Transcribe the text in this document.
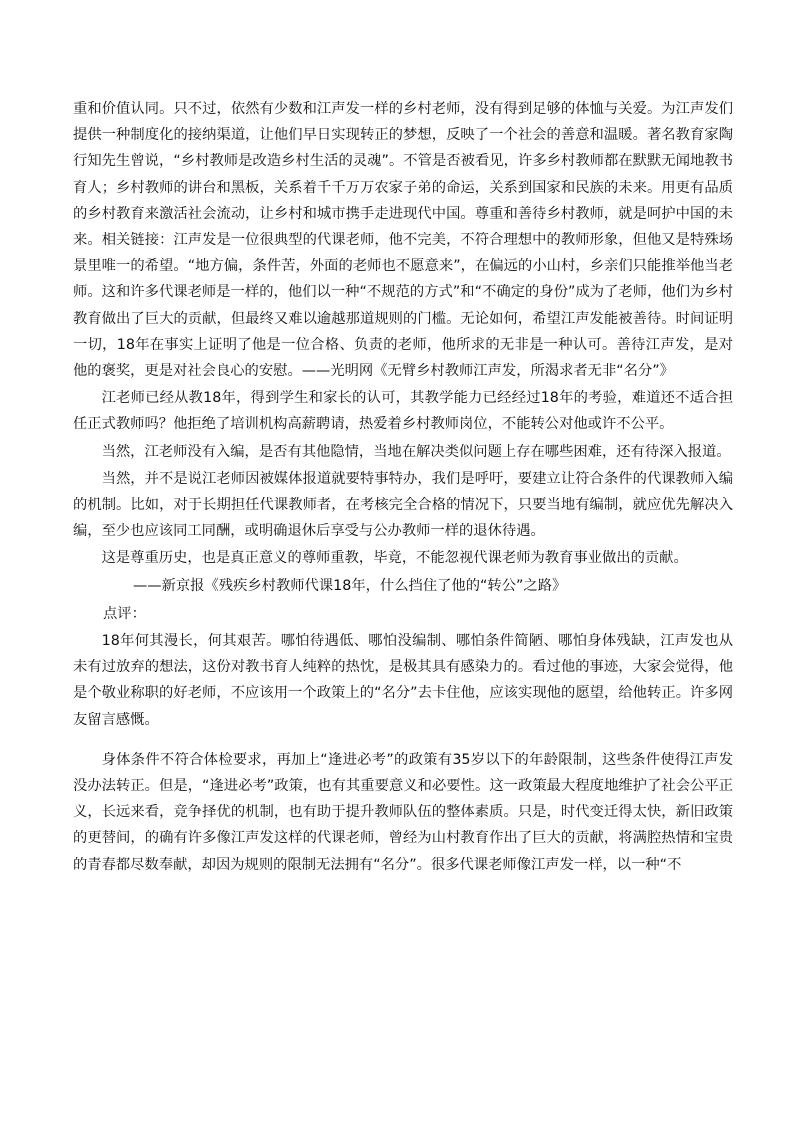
重和价值认同。只不过，依然有少数和江声发一样的乡村老师，没有得到足够的体恤与关爱。为江声发们提供一种制度化的接纳渠道，让他们早日实现转正的梦想，反映了一个社会的善意和温暖。著名教育家陶行知先生曾说，“乡村教师是改造乡村生活的灵魂”。不管是否被看见，许多乡村教师都在默默无闻地教书育人；乡村教师的讲台和黑板，关系着千千万万农家子弟的命运，关系到国家和民族的未来。用更有品质的乡村教育来激活社会流动，让乡村和城市携手走进现代中国。尊重和善待乡村教师，就是呵护中国的未来。相关链接：江声发是一位很典型的代课老师，他不完美，不符合理想中的教师形象，但他又是特殊场景里唯一的希望。“地方偏，条件苦，外面的老师也不愿意来”，在偏远的小山村，乡亲们只能推举他当老师。这和许多代课老师是一样的，他们以一种“不规范的方式”和“不确定的身份”成为了老师，他们为乡村教育做出了巨大的贡献，但最终又难以逾越那道规则的门槛。无论如何，希望江声发能被善待。时间证明一切，18年在事实上证明了他是一位合格、负责的老师，他所求的无非是一种认可。善待江声发，是对他的褒奖，更是对社会良心的安慰。——光明网《无臂乡村教师江声发，所渴求者无非“名分”》

江老师已经从教18年，得到学生和家长的认可，其教学能力已经经过18年的考验，难道还不适合担任正式教师吗？他拒绝了培训机构高薪聘请，热爱着乡村教师岗位，不能转公对他或许不公平。

当然，江老师没有入编，是否有其他隐情，当地在解决类似问题上存在哪些困难，还有待深入报道。

当然，并不是说江老师因被媒体报道就要特事特办，我们是呼吁，要建立让符合条件的代课教师入编的机制。比如，对于长期担任代课教师者，在考核完全合格的情况下，只要当地有编制，就应优先解决入编，至少也应该同工同酬，或明确退休后享受与公办教师一样的退休待遇。

这是尊重历史，也是真正意义的尊师重教，毕竟，不能忽视代课老师为教育事业做出的贡献。

——新京报《残疾乡村教师代课18年，什么挡住了他的“转公”之路》

点评：

18年何其漫长，何其艰苦。哪怕待遇低、哪怕没编制、哪怕条件简陋、哪怕身体残缺，江声发也从未有过放弃的想法，这份对教书育人纯粹的热忱，是极其具有感染力的。看过他的事迹，大家会觉得，他是个敬业称职的好老师，不应该用一个政策上的“名分”去卡住他，应该实现他的愿望，给他转正。许多网友留言感慨。

身体条件不符合体检要求，再加上“逢进必考”的政策有35岁以下的年龄限制，这些条件使得江声发没办法转正。但是，“逢进必考”政策，也有其重要意义和必要性。这一政策最大程度地维护了社会公平正义，长远来看，竞争择优的机制，也有助于提升教师队伍的整体素质。只是，时代变迁得太快，新旧政策的更替间，的确有许多像江声发这样的代课老师，曾经为山村教育作出了巨大的贡献，将满腔热情和宝贵的青春都尽数奉献，却因为规则的限制无法拥有“名分”。很多代课老师像江声发一样，以一种“不
